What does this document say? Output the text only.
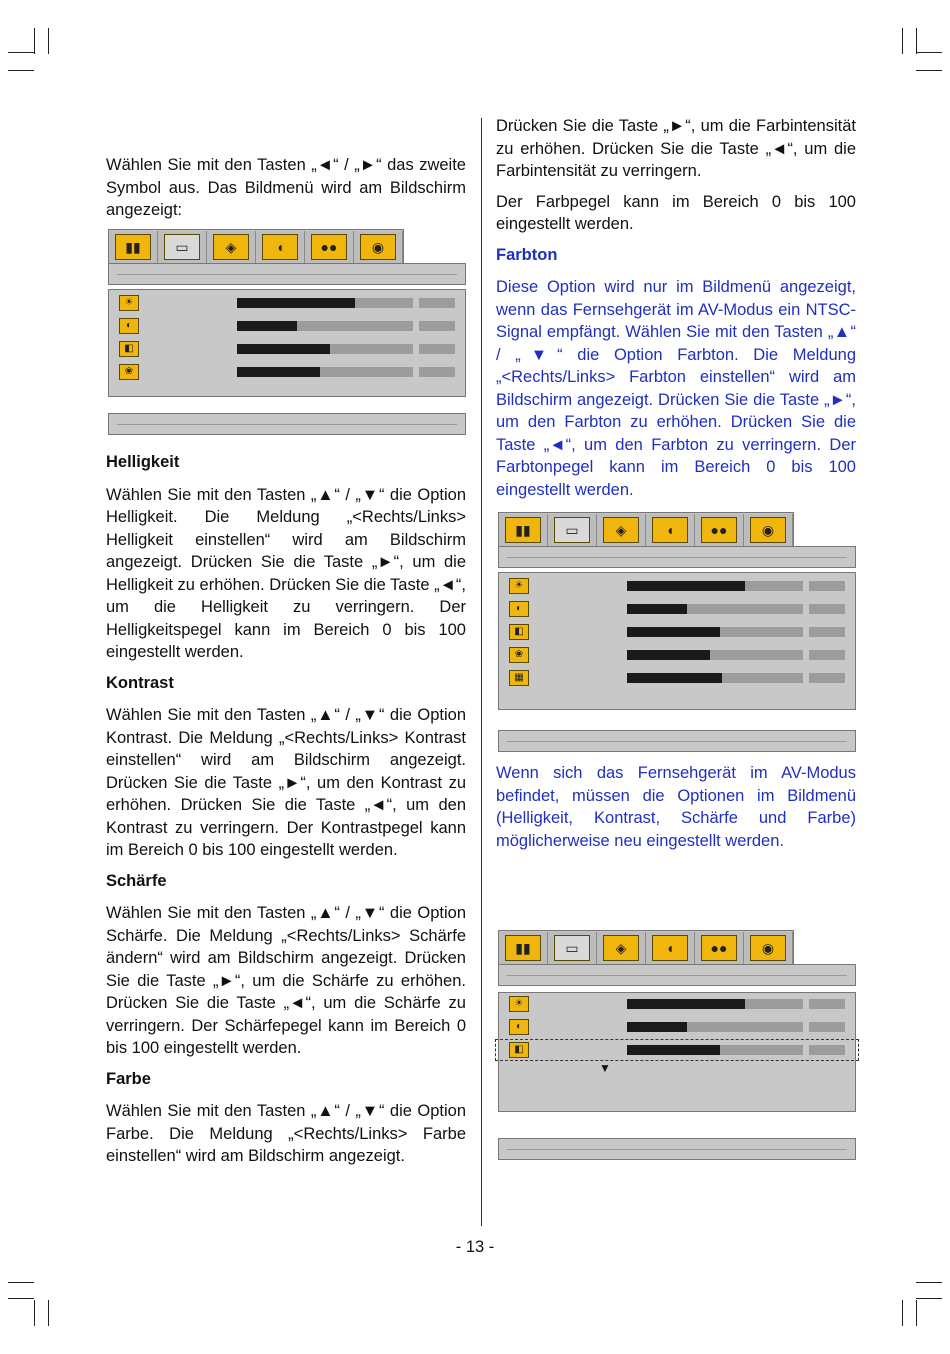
Wählen Sie mit den Tasten „◄“ / „►“ das zweite Symbol aus. Das Bildmenü wird am Bildschirm angezeigt:

▮▮	▭	◈	◖	●●	◉
☀
◐
◧
❀
Helligkeit

Wählen Sie mit den Tasten „▲“ / „▼“ die Option Helligkeit. Die Meldung „<Rechts/Links> Helligkeit einstellen“ wird am Bildschirm angezeigt. Drücken Sie die Taste „►“, um die Helligkeit zu erhöhen. Drücken Sie die Taste „◄“, um die Helligkeit zu verringern. Der Helligkeitspegel kann im Bereich 0 bis 100 eingestellt werden.

Kontrast

Wählen Sie mit den Tasten „▲“ / „▼“ die Option Kontrast. Die Meldung „<Rechts/Links> Kontrast einstellen“ wird am Bildschirm angezeigt. Drücken Sie die Taste „►“, um den Kontrast zu erhöhen. Drücken Sie die Taste „◄“, um den Kontrast zu verringern. Der Kontrastpegel kann im Bereich 0 bis 100 eingestellt werden.

Schärfe

Wählen Sie mit den Tasten „▲“ / „▼“ die Option Schärfe. Die Meldung „<Rechts/Links> Schärfe ändern“ wird am Bildschirm angezeigt. Drücken Sie die Taste „►“, um die Schärfe zu erhöhen. Drücken Sie die Taste „◄“, um die Schärfe zu verringern. Der Schärfepegel kann im Bereich 0 bis 100 eingestellt werden.

Farbe

Wählen Sie mit den Tasten „▲“ / „▼“ die Option Farbe. Die Meldung „<Rechts/Links> Farbe einstellen“ wird am Bildschirm angezeigt.

Drücken Sie die Taste „►“, um die Farbintensität zu erhöhen. Drücken Sie die Taste „◄“, um die Farbintensität zu verringern.

Der Farbpegel kann im Bereich 0 bis 100 eingestellt werden.

Farbton

Diese Option wird nur im Bildmenü angezeigt, wenn das Fernsehgerät im AV-Modus ein NTSC-Signal empfängt. Wählen Sie mit den Tasten „▲“ / „▼“ die Option Farbton. Die Meldung „<Rechts/Links> Farbton einstellen“ wird am Bildschirm angezeigt. Drücken Sie die Taste „►“, um den Farbton zu erhöhen. Drücken Sie die Taste „◄“, um den Farbton zu verringern. Der Farbtonpegel kann im Bereich 0 bis 100 eingestellt werden.

▮▮	▭	◈	◖	●●	◉
☀
◐
◧
❀
▦

Wenn sich das Fernsehgerät im AV-Modus befindet, müssen die Optionen im Bildmenü (Helligkeit, Kontrast, Schärfe und Farbe) möglicherweise neu eingestellt werden.

▮▮	▭	◈	◖	●●	◉
☀
◐
◧
▼
- 13 -
